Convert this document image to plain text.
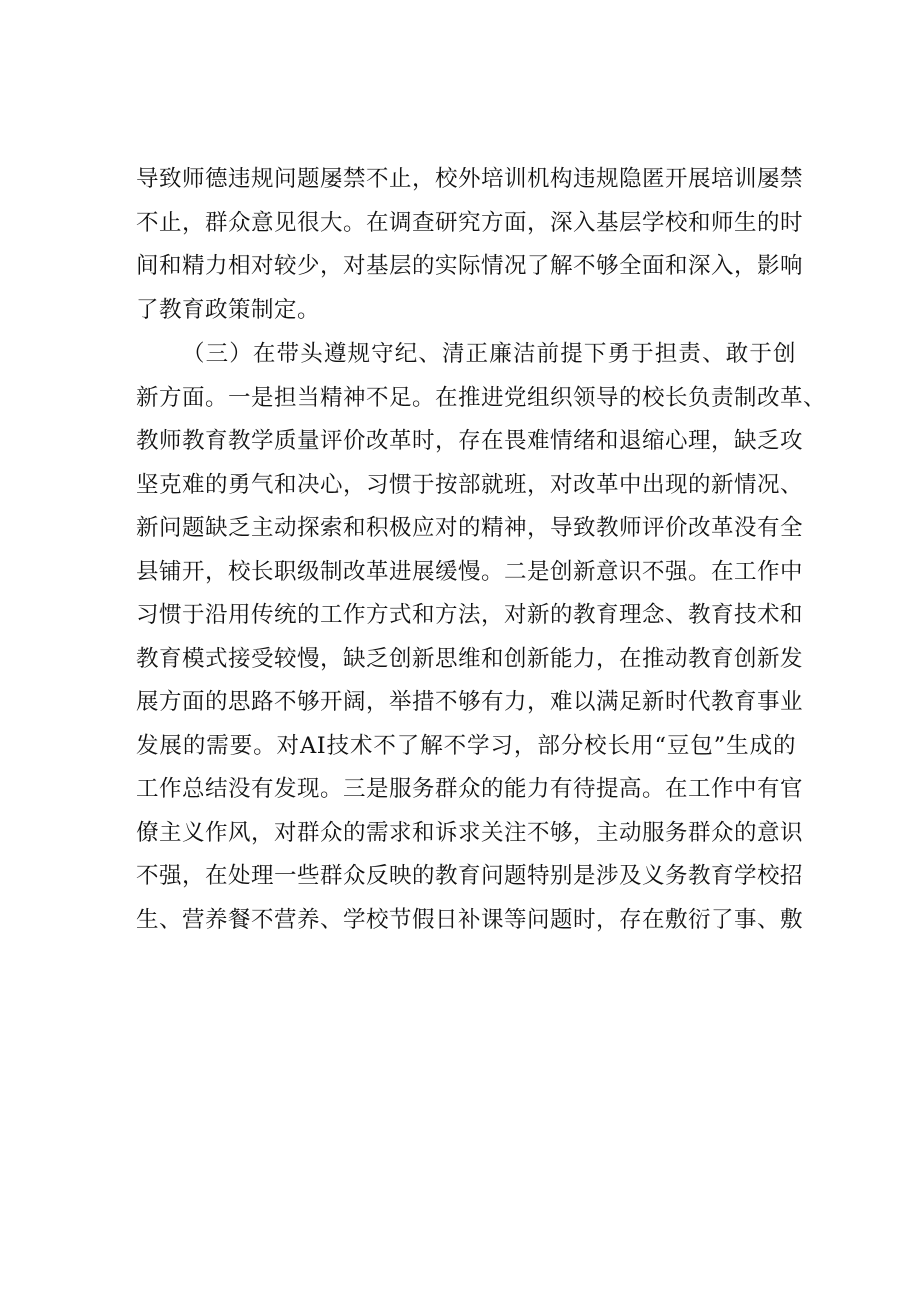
导致师德违规问题屡禁不止，校外培训机构违规隐匿开展培训屡禁
不止，群众意见很大。在调查研究方面，深入基层学校和师生的时
间和精力相对较少，对基层的实际情况了解不够全面和深入，影响
了教育政策制定。
（三）在带头遵规守纪、清正廉洁前提下勇于担责、敢于创
新方面。一是担当精神不足。在推进党组织领导的校长负责制改革、
教师教育教学质量评价改革时，存在畏难情绪和退缩心理，缺乏攻
坚克难的勇气和决心，习惯于按部就班，对改革中出现的新情况、
新问题缺乏主动探索和积极应对的精神，导致教师评价改革没有全
县铺开，校长职级制改革进展缓慢。二是创新意识不强。在工作中
习惯于沿用传统的工作方式和方法，对新的教育理念、教育技术和
教育模式接受较慢，缺乏创新思维和创新能力，在推动教育创新发
展方面的思路不够开阔，举措不够有力，难以满足新时代教育事业
发展的需要。对AI技术不了解不学习，部分校长用“豆包”生成的
工作总结没有发现。三是服务群众的能力有待提高。在工作中有官
僚主义作风，对群众的需求和诉求关注不够，主动服务群众的意识
不强，在处理一些群众反映的教育问题特别是涉及义务教育学校招
生、营养餐不营养、学校节假日补课等问题时，存在敷衍了事、敷
